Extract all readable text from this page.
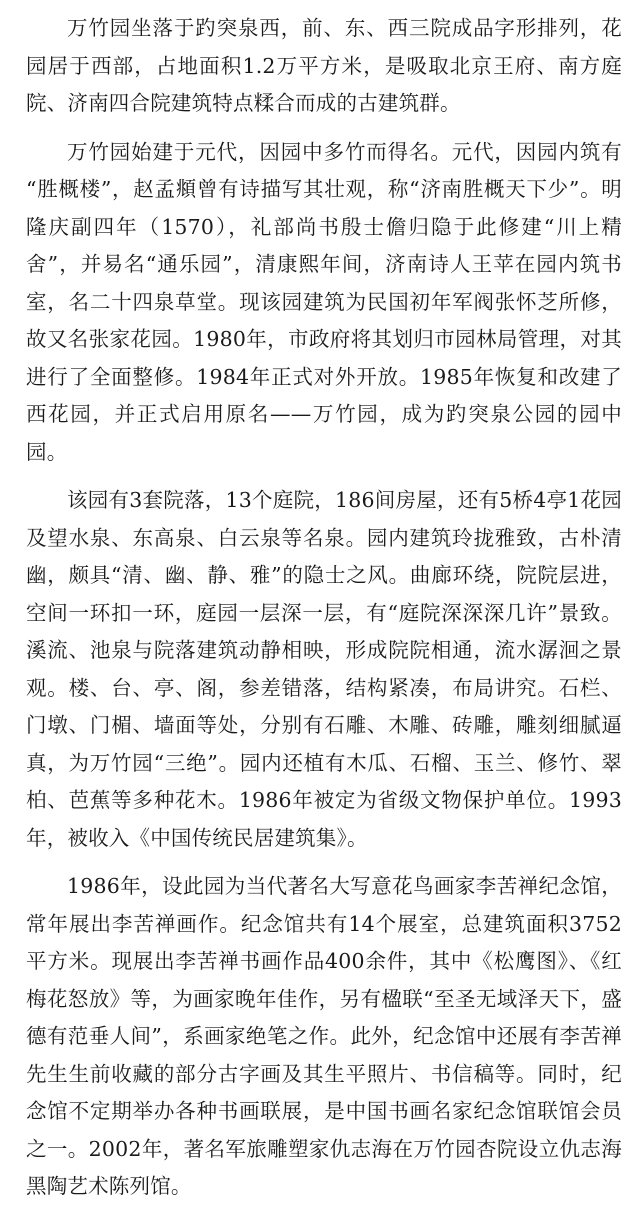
万竹园坐落于趵突泉西，前、东、西三院成品字形排列，花园居于西部，占地面积1.2万平方米，是吸取北京王府、南方庭院、济南四合院建筑特点糅合而成的古建筑群。

万竹园始建于元代，因园中多竹而得名。元代，因园内筑有 “胜概楼”，赵孟頫曾有诗描写其壮观，称“济南胜概天下少”。明隆庆副四年（1570），礼部尚书殷士儋归隐于此修建“川上精舍”，并易名“通乐园”，清康熙年间，济南诗人王苹在园内筑书室，名二十四泉草堂。现该园建筑为民国初年军阀张怀芝所修，故又名张家花园。1980年，市政府将其划归市园林局管理，对其进行了全面整修。1984年正式对外开放。1985年恢复和改建了西花园，并正式启用原名——万竹园，成为趵突泉公园的园中园。

该园有3套院落，13个庭院，186间房屋，还有5桥4亭1花园及望水泉、东高泉、白云泉等名泉。园内建筑玲拢雅致，古朴清幽，颇具“清、幽、静、雅”的隐士之风。曲廊环绕，院院层进，空间一环扣一环，庭园一层深一层，有“庭院深深深几许”景致。溪流、池泉与院落建筑动静相映，形成院院相通，流水潺洄之景观。楼、台、亭、阁，参差错落，结构紧凑，布局讲究。石栏、门墩、门楣、墙面等处，分别有石雕、木雕、砖雕，雕刻细腻逼真，为万竹园“三绝”。园内还植有木瓜、石榴、玉兰、修竹、翠柏、芭蕉等多种花木。1986年被定为省级文物保护单位。1993年，被收入《中国传统民居建筑集》。

1986年，设此园为当代著名大写意花鸟画家李苦禅纪念馆，常年展出李苦禅画作。纪念馆共有14个展室，总建筑面积3752平方米。现展出李苦禅书画作品400余件，其中《松鹰图》、《红梅花怒放》等，为画家晚年佳作，另有楹联“至圣无域泽天下，盛德有范垂人间”，系画家绝笔之作。此外，纪念馆中还展有李苦禅先生生前收藏的部分古字画及其生平照片、书信稿等。同时，纪念馆不定期举办各种书画联展，是中国书画名家纪念馆联馆会员之一。2002年，著名军旅雕塑家仇志海在万竹园杏院设立仇志海黑陶艺术陈列馆。
